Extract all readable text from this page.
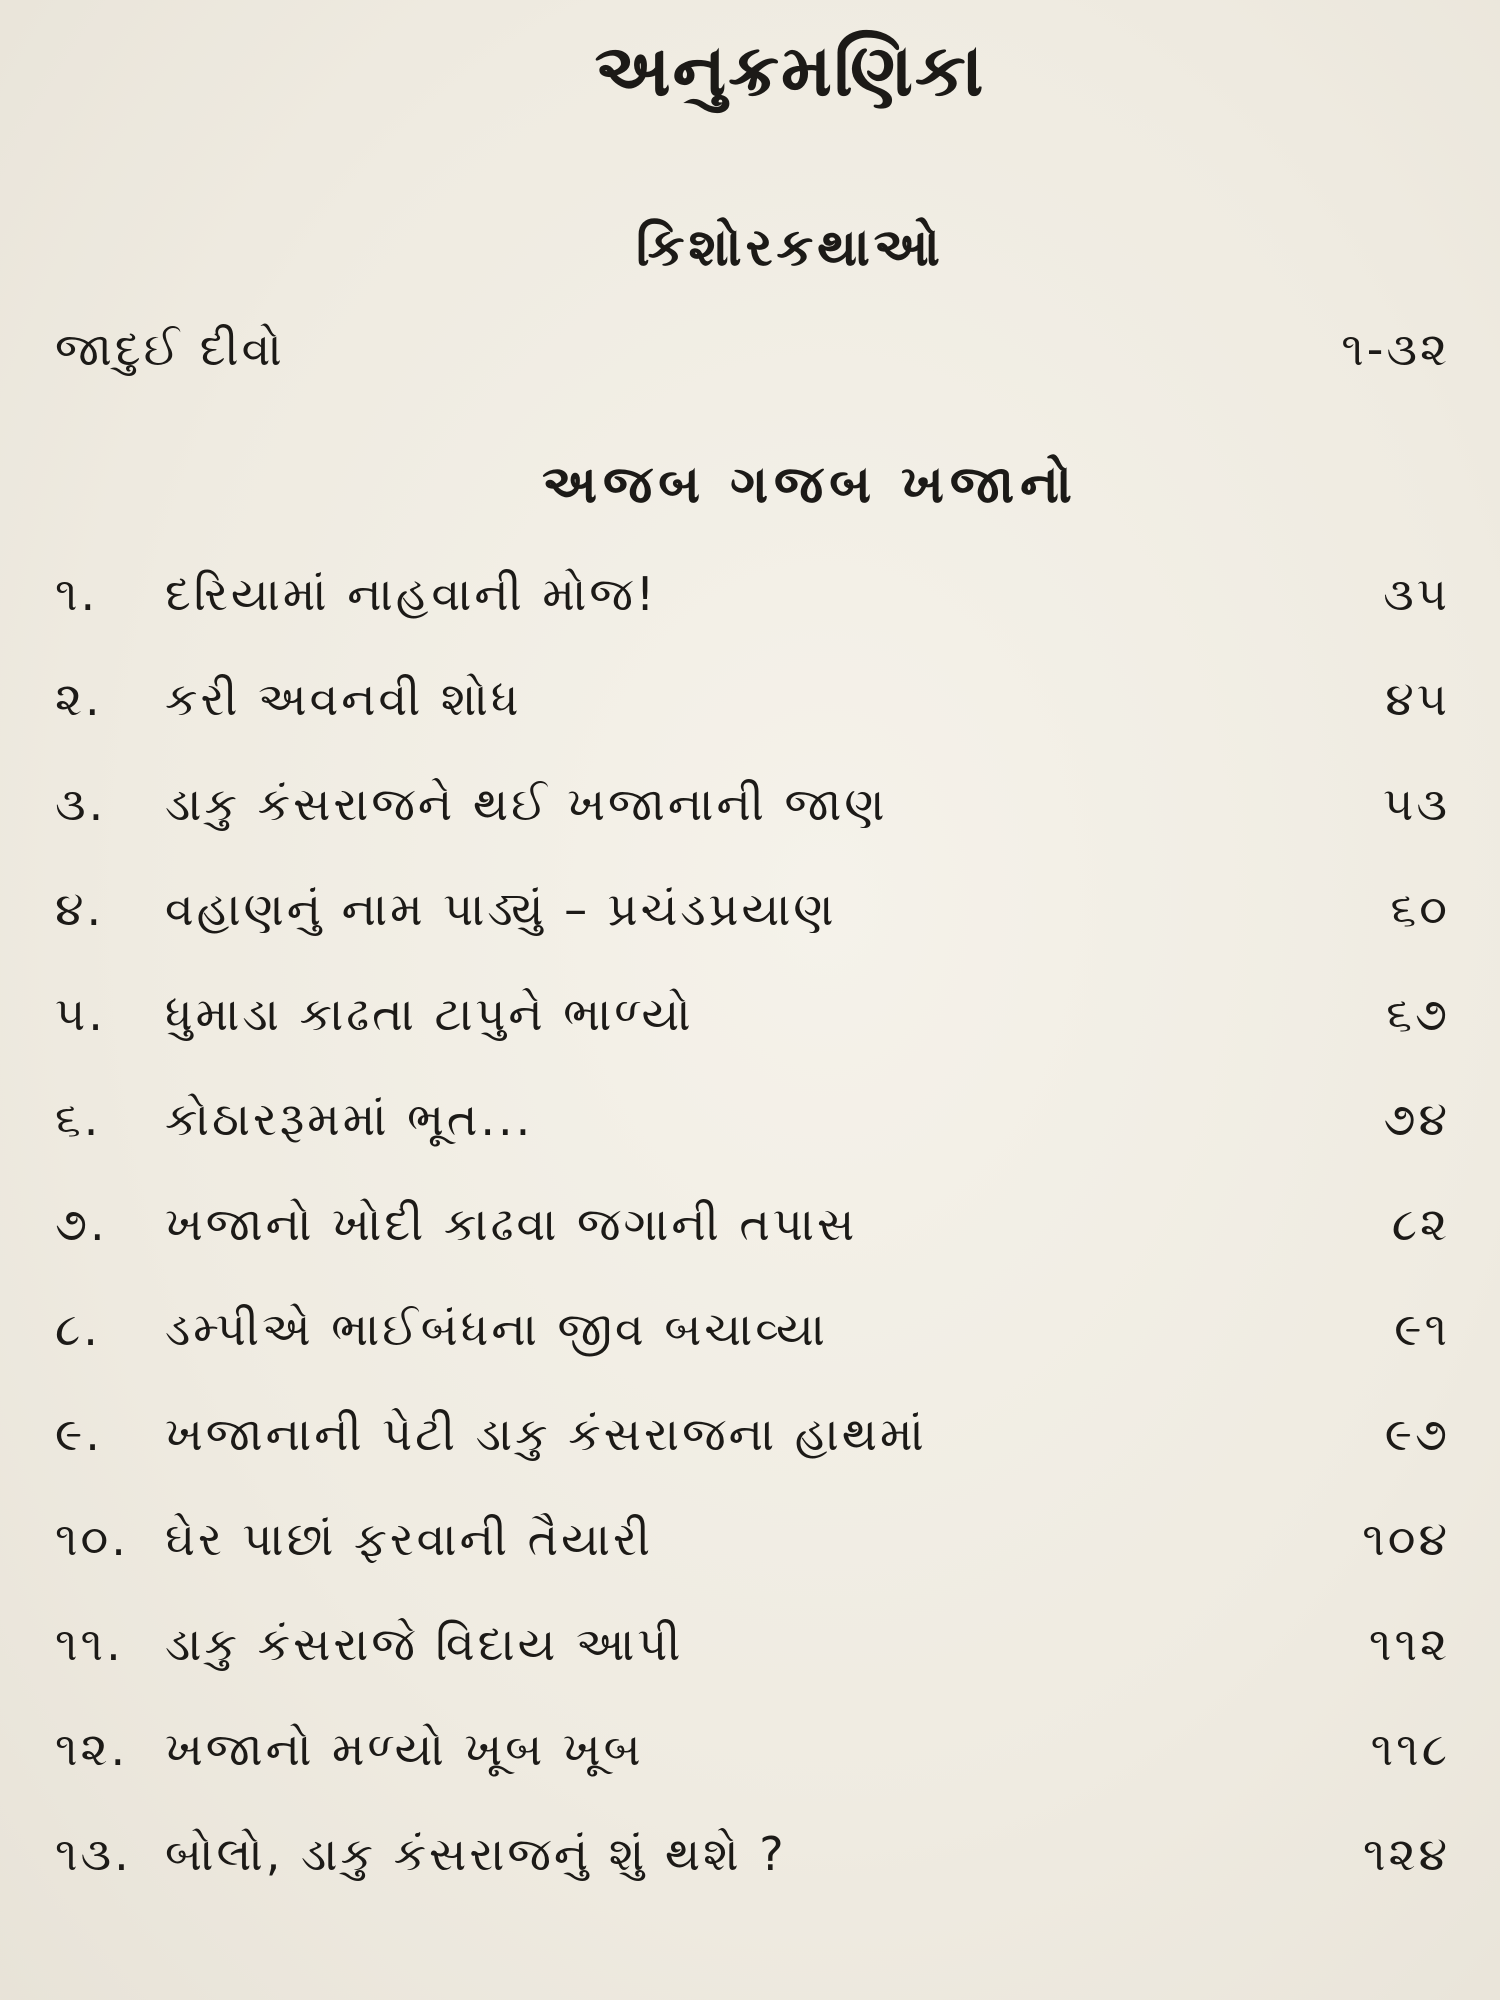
અનુક્રમણિકા
કિશોરકથાઓ
જાદુઈ દીવો	૧-૩૨
અજબ ગજબ ખજાનો
૧. દરિયામાં નાહવાની મોજ!	૩૫
૨. કરી અવનવી શોધ	૪૫
૩. ડાકુ કંસરાજને થઈ ખજાનાની જાણ	૫૩
૪. વહાણનું નામ પાડ્યું – પ્રચંડપ્રયાણ	૬૦
૫. ધુમાડા કાઢતા ટાપુને ભાળ્યો	૬૭
૬. કોઠારરૂમમાં ભૂત...	૭૪
૭. ખજાનો ખોદી કાઢવા જગાની તપાસ	૮૨
૮. ડમ્પીએ ભાઈબંધના જીવ બચાવ્યા	૯૧
૯. ખજાનાની પેટી ડાકુ કંસરાજના હાથમાં	૯૭
૧૦. ઘેર પાછાં ફરવાની તૈયારી	૧૦૪
૧૧. ડાકુ કંસરાજે વિદાય આપી	૧૧૨
૧૨. ખજાનો મળ્યો ખૂબ ખૂબ	૧૧૮
૧૩. બોલો, ડાકુ કંસરાજનું શું થશે ?	૧૨૪
